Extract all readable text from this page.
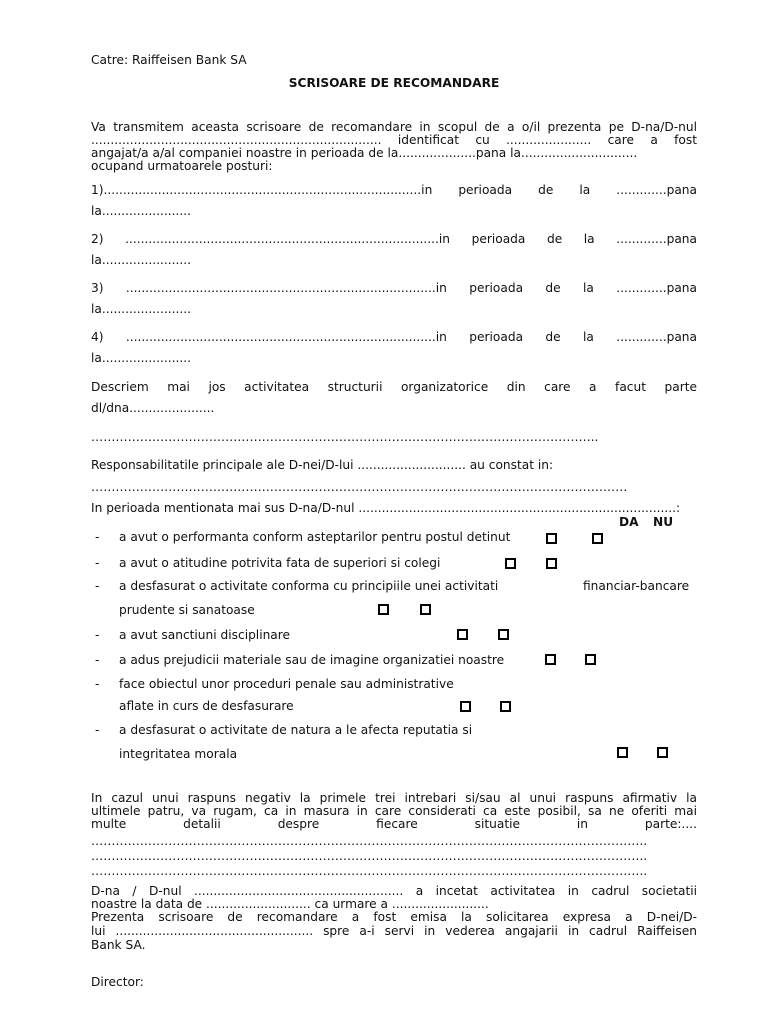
Catre: Raiffeisen Bank SA
SCRISOARE DE RECOMANDARE
Va transmitem aceasta scrisoare de recomandare in scopul de a o/il prezenta pe D-na/D-nul
........................................................................... identificat cu ...................... care a fost
angajat/a a/al companiei noastre in perioada de la....................pana la..............................
ocupand urmatoarele posturi:
1)..................................................................................in perioada de la .............pana
la.......................
2) .................................................................................in perioada de la .............pana
la.......................
3) ................................................................................in perioada de la .............pana
la.......................
4) ................................................................................in perioada de la .............pana
la.......................
Descriem mai jos activitatea structurii organizatorice din care a facut parte
dl/dna......................
……………………………………………………………………………………………………………..
Responsabilitatile principale ale D-nei/D-lui ............................ au constat in:
……………………………………………………………………………………………………………………
In perioada mentionata mai sus D-na/D-nul ..................................................................................:
DA NU
- a avut o performanta conform asteptarilor pentru postul detinut
- a avut o atitudine potrivita fata de superiori si colegi
- a desfasurat o activitate conforma cu principiile unei activitati	financiar-bancare
prudente si sanatoase
- a avut sanctiuni disciplinare
- a adus prejudicii materiale sau de imagine organizatiei noastre
- face obiectul unor proceduri penale sau administrative
aflate in curs de desfasurare
- a desfasurat o activitate de natura a le afecta reputatia si
integritatea morala
In cazul unui raspuns negativ la primele trei intrebari si/sau al unui raspuns afirmativ la
ultimele patru, va rugam, ca in masura in care considerati ca este posibil, sa ne oferiti mai
multe detalii despre fiecare situatie in parte:....
………………………………………………………………………………………………………………………..
………………………………………………………………………………………………………………………..
………………………………………………………………………………………………………………………..
D-na / D-nul ...................................................... a incetat activitatea in cadrul societatii
noastre la data de ........................... ca urmare a .........................
Prezenta scrisoare de recomandare a fost emisa la solicitarea expresa a D-nei/D-
lui ................................................... spre a-i servi in vederea angajarii in cadrul Raiffeisen
Bank SA.
Director:
